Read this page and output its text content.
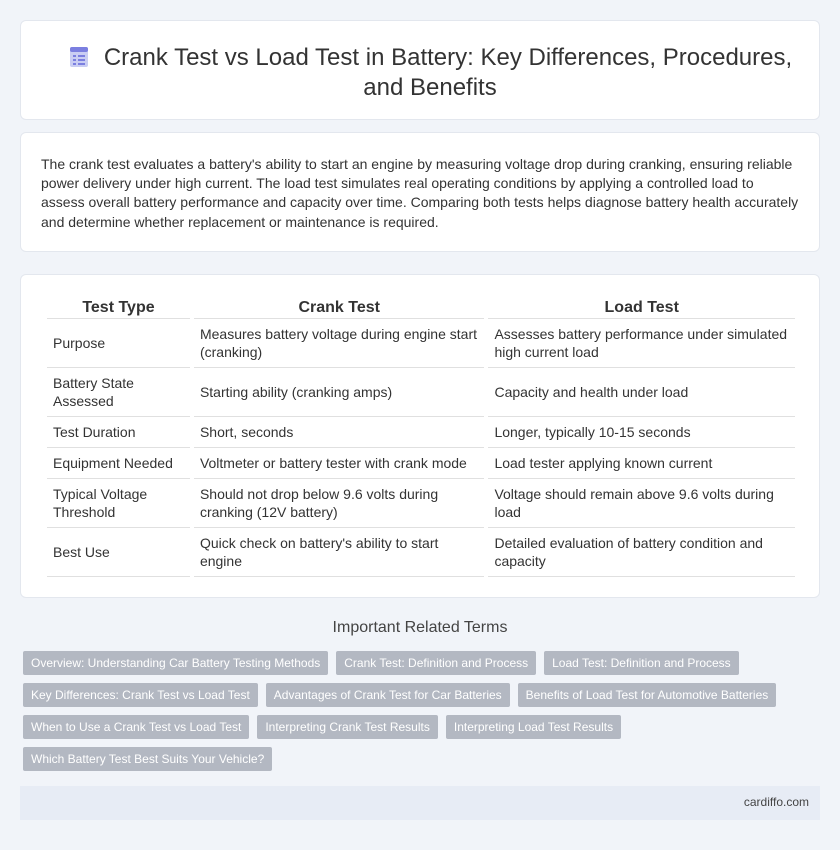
Crank Test vs Load Test in Battery: Key Differences, Procedures, and Benefits

The crank test evaluates a battery's ability to start an engine by measuring voltage drop during cranking, ensuring reliable power delivery under high current. The load test simulates real operating conditions by applying a controlled load to assess overall battery performance and capacity over time. Comparing both tests helps diagnose battery health accurately and determine whether replacement or maintenance is required.

Test Type	Crank Test	Load Test
Purpose	Measures battery voltage during engine start (cranking)	Assesses battery performance under simulated high current load
Battery State Assessed	Starting ability (cranking amps)	Capacity and health under load
Test Duration	Short, seconds	Longer, typically 10-15 seconds
Equipment Needed	Voltmeter or battery tester with crank mode	Load tester applying known current
Typical Voltage Threshold	Should not drop below 9.6 volts during cranking (12V battery)	Voltage should remain above 9.6 volts during load
Best Use	Quick check on battery's ability to start engine	Detailed evaluation of battery condition and capacity
Important Related Terms
Overview: Understanding Car Battery Testing Methods	Crank Test: Definition and Process	Load Test: Definition and Process
Key Differences: Crank Test vs Load Test	Advantages of Crank Test for Car Batteries	Benefits of Load Test for Automotive Batteries
When to Use a Crank Test vs Load Test	Interpreting Crank Test Results	Interpreting Load Test Results
Which Battery Test Best Suits Your Vehicle?
cardiffo.com
